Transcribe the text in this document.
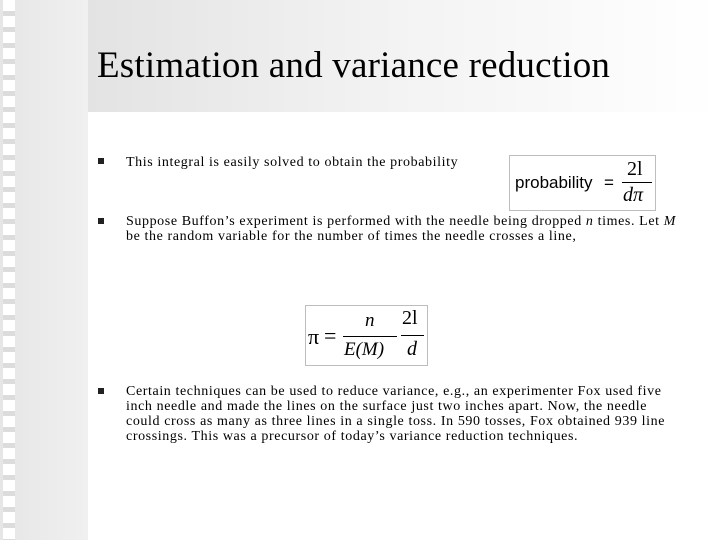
Estimation and variance reduction
This integral is easily solved to obtain the probability
probability =
2l
dπ
Suppose Buffon’s experiment is performed with the needle being dropped n times. Let M
be the random variable for the number of times the needle crosses a line,
π =
n
E(M)
2l
d
Certain techniques can be used to reduce variance, e.g., an experimenter Fox used five
inch needle and made the lines on the surface just two inches apart. Now, the needle
could cross as many as three lines in a single toss. In 590 tosses, Fox obtained 939 line
crossings. This was a precursor of today’s variance reduction techniques.
